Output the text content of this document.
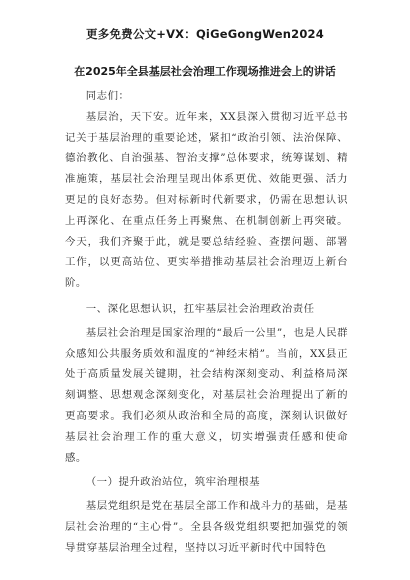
更多免费公文+VX：QiGeGongWen2024
在2025年全县基层社会治理工作现场推进会上的讲话

同志们：

基层治，天下安。近年来，XX县深入贯彻习近平总书记关于基层治理的重要论述，紧扣“政治引领、法治保障、德治教化、自治强基、智治支撑”总体要求，统筹谋划、精准施策，基层社会治理呈现出体系更优、效能更强、活力更足的良好态势。但对标新时代新要求，仍需在思想认识上再深化、在重点任务上再聚焦、在机制创新上再突破。今天，我们齐聚于此，就是要总结经验、查摆问题、部署工作，以更高站位、更实举措推动基层社会治理迈上新台阶。

一、深化思想认识，扛牢基层社会治理政治责任

基层社会治理是国家治理的“最后一公里”，也是人民群众感知公共服务质效和温度的“神经末梢”。当前，XX县正处于高质量发展关键期，社会结构深刻变动、利益格局深刻调整、思想观念深刻变化，对基层社会治理提出了新的更高要求。我们必须从政治和全局的高度，深刻认识做好基层社会治理工作的重大意义，切实增强责任感和使命感。

（一）提升政治站位，筑牢治理根基

基层党组织是党在基层全部工作和战斗力的基础，是基层社会治理的“主心骨”。全县各级党组织要把加强党的领导贯穿基层治理全过程，坚持以习近平新时代中国特色
